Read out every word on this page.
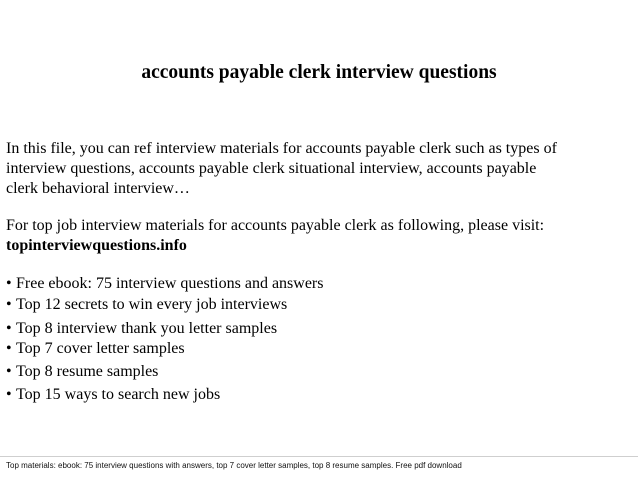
accounts payable clerk interview questions
In this file, you can ref interview materials for accounts payable clerk such as types of
interview questions, accounts payable clerk situational interview, accounts payable
clerk behavioral interview…
For top job interview materials for accounts payable clerk as following, please visit:
topinterviewquestions.info
• Free ebook: 75 interview questions and answers
• Top 12 secrets to win every job interviews
• Top 8 interview thank you letter samples
• Top 7 cover letter samples
• Top 8 resume samples
• Top 15 ways to search new jobs
Top materials: ebook: 75 interview questions with answers, top 7 cover letter samples, top 8 resume samples. Free pdf download
